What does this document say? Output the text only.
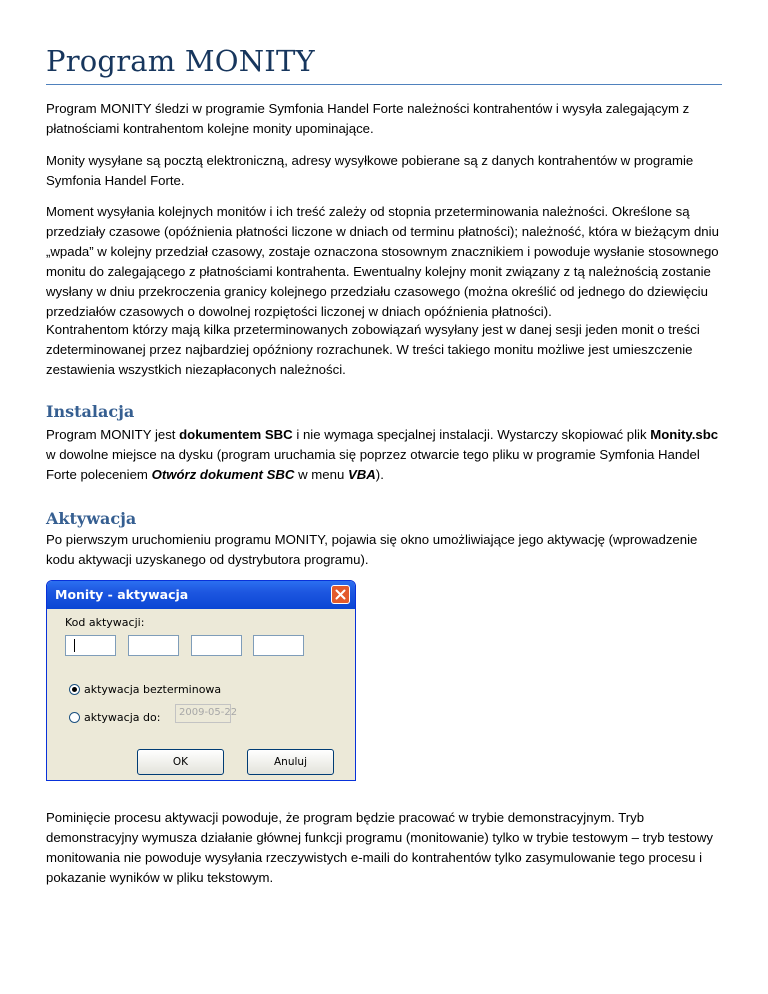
Program MONITY

Program MONITY śledzi w programie Symfonia Handel Forte należności kontrahentów i wysyła zalegającym z płatnościami kontrahentom kolejne monity upominające.

Monity wysyłane są pocztą elektroniczną, adresy wysyłkowe pobierane są z danych kontrahentów w programie Symfonia Handel Forte.

Moment wysyłania kolejnych monitów i ich treść zależy od stopnia przeterminowania należności. Określone są przedziały czasowe (opóźnienia płatności liczone w dniach od terminu płatności); należność, która w bieżącym dniu „wpada” w kolejny przedział czasowy, zostaje oznaczona stosownym znacznikiem i powoduje wysłanie stosownego monitu do zalegającego z płatnościami kontrahenta. Ewentualny kolejny monit związany z tą należnością zostanie wysłany w dniu przekroczenia granicy kolejnego przedziału czasowego (można określić od jednego do dziewięciu przedziałów czasowych o dowolnej rozpiętości liczonej w dniach opóźnienia płatności).

Kontrahentom którzy mają kilka przeterminowanych zobowiązań wysyłany jest w danej sesji jeden monit o treści zdeterminowanej przez najbardziej opóźniony rozrachunek. W treści takiego monitu możliwe jest umieszczenie zestawienia wszystkich niezapłaconych należności.

Instalacja

Program MONITY jest dokumentem SBC i nie wymaga specjalnej instalacji. Wystarczy skopiować plik Monity.sbc w dowolne miejsce na dysku (program uruchamia się poprzez otwarcie tego pliku w programie Symfonia Handel Forte poleceniem Otwórz dokument SBC w menu VBA).

Aktywacja

Po pierwszym uruchomieniu programu MONITY, pojawia się okno umożliwiające jego aktywację (wprowadzenie kodu aktywacji uzyskanego od dystrybutora programu).

Monity - aktywacja
Kod aktywacji:
aktywacja bezterminowa
aktywacja do:	2009-05-22
OK	Anuluj

Pominięcie procesu aktywacji powoduje, że program będzie pracować w trybie demonstracyjnym. Tryb demonstracyjny wymusza działanie głównej funkcji programu (monitowanie) tylko w trybie testowym – tryb testowy monitowania nie powoduje wysyłania rzeczywistych e-maili do kontrahentów tylko zasymulowanie tego procesu i pokazanie wyników w pliku tekstowym.
